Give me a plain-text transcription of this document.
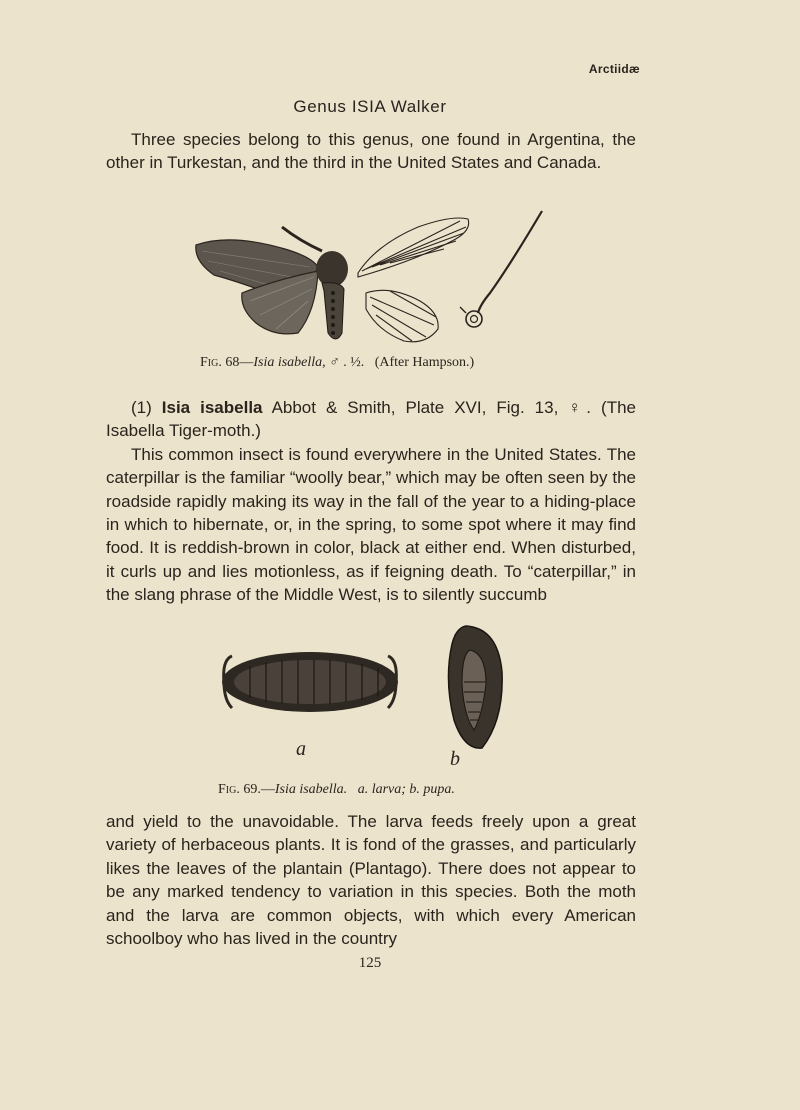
Arctiidæ
Genus ISIA Walker
Three species belong to this genus, one found in Argentina, the other in Turkestan, and the third in the United States and Canada.
Fig. 68—Isia isabella, ♂ . ½. (After Hampson.)
(1) Isia isabella Abbot & Smith, Plate XVI, Fig. 13, ♀. (The Isabella Tiger-moth.)
This common insect is found everywhere in the United States. The caterpillar is the familiar “woolly bear,” which may be often seen by the roadside rapidly making its way in the fall of the year to a hiding-place in which to hibernate, or, in the spring, to some spot where it may find food. It is reddish-brown in color, black at either end. When disturbed, it curls up and lies motionless, as if feigning death. To “caterpillar,” in the slang phrase of the Middle West, is to silently succumb
a	b
Fig. 69.—Isia isabella. a. larva; b. pupa.
and yield to the unavoidable. The larva feeds freely upon a great variety of herbaceous plants. It is fond of the grasses, and particularly likes the leaves of the plantain (Plantago). There does not appear to be any marked tendency to variation in this species. Both the moth and the larva are common objects, with which every American schoolboy who has lived in the country
125
